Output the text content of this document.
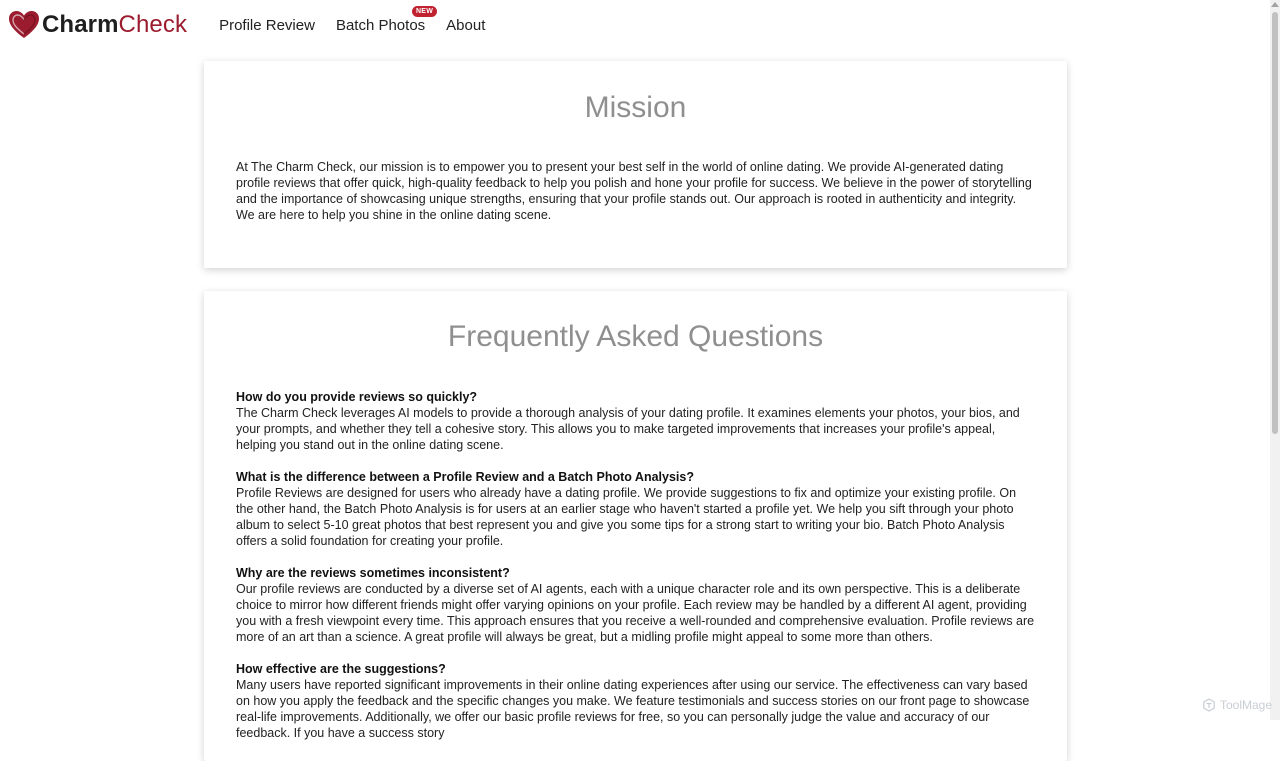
CharmCheck Profile Review Batch Photos
NEW
About
Mission

At The Charm Check, our mission is to empower you to present your best self in the world of online dating. We provide AI-generated dating profile reviews that offer quick, high-quality feedback to help you polish and hone your profile for success. We believe in the power of storytelling and the importance of showcasing unique strengths, ensuring that your profile stands out. Our approach is rooted in authenticity and integrity. We are here to help you shine in the online dating scene.

Frequently Asked Questions
How do you provide reviews so quickly?
The Charm Check leverages AI models to provide a thorough analysis of your dating profile. It examines elements your photos, your bios, and your prompts, and whether they tell a cohesive story. This allows you to make targeted improvements that increases your profile's appeal, helping you stand out in the online dating scene.
What is the difference between a Profile Review and a Batch Photo Analysis?
Profile Reviews are designed for users who already have a dating profile. We provide suggestions to fix and optimize your existing profile. On the other hand, the Batch Photo Analysis is for users at an earlier stage who haven't started a profile yet. We help you sift through your photo album to select 5-10 great photos that best represent you and give you some tips for a strong start to writing your bio. Batch Photo Analysis offers a solid foundation for creating your profile.
Why are the reviews sometimes inconsistent?
Our profile reviews are conducted by a diverse set of AI agents, each with a unique character role and its own perspective. This is a deliberate choice to mirror how different friends might offer varying opinions on your profile. Each review may be handled by a different AI agent, providing you with a fresh viewpoint every time. This approach ensures that you receive a well-rounded and comprehensive evaluation. Profile reviews are more of an art than a science. A great profile will always be great, but a midling profile might appeal to some more than others.
How effective are the suggestions?
Many users have reported significant improvements in their online dating experiences after using our service. The effectiveness can vary based on how you apply the feedback and the specific changes you make. We feature testimonials and success stories on our front page to showcase real-life improvements. Additionally, we offer our basic profile reviews for free, so you can personally judge the value and accuracy of our feedback. If you have a success story
ToolMage
